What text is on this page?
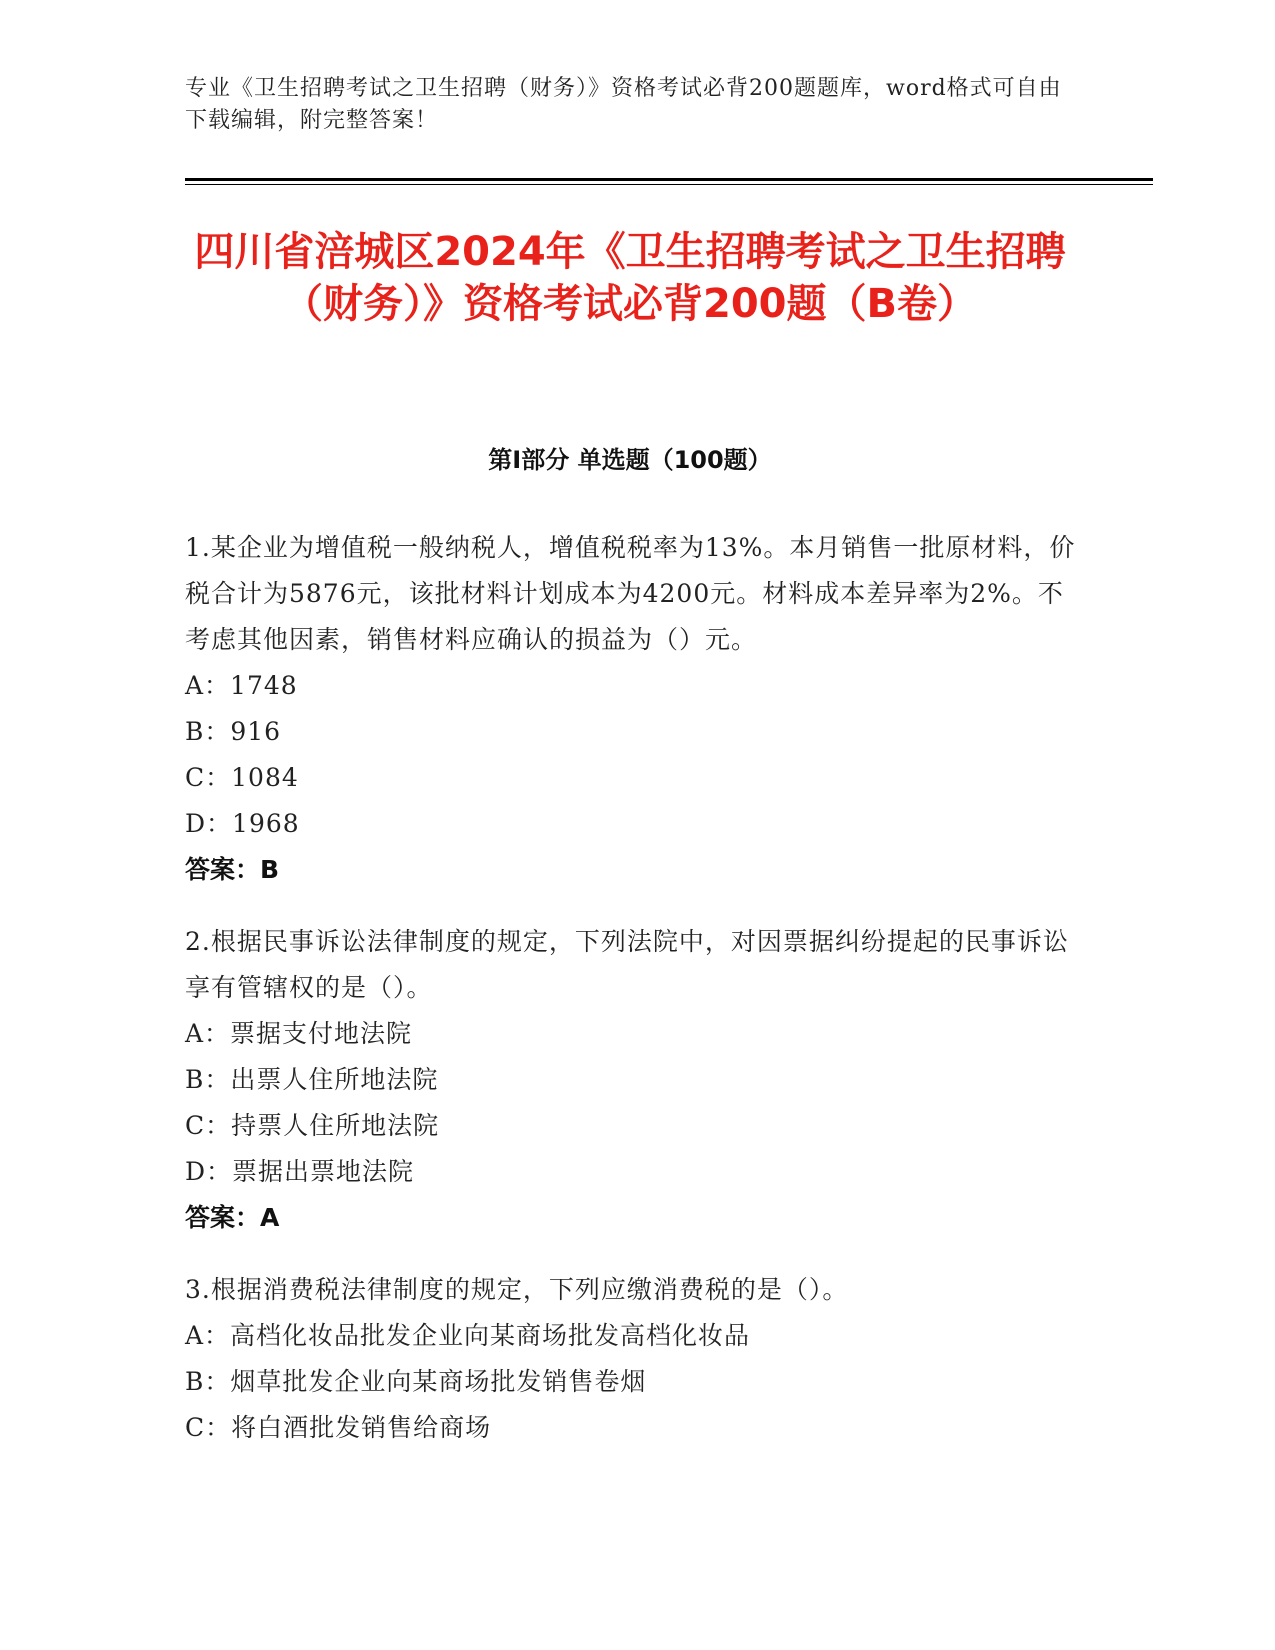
专业《卫生招聘考试之卫生招聘（财务）》资格考试必背200题题库，word格式可自由下载编辑，附完整答案！
四川省涪城区2024年《卫生招聘考试之卫生招聘（财务）》资格考试必背200题（B卷）
第I部分 单选题（100题）
1.某企业为增值税一般纳税人，增值税税率为13%。本月销售一批原材料，价税合计为5876元，该批材料计划成本为4200元。材料成本差异率为2%。不考虑其他因素，销售材料应确认的损益为（）元。
A：1748
B：916
C：1084
D：1968
答案：B
2.根据民事诉讼法律制度的规定，下列法院中，对因票据纠纷提起的民事诉讼享有管辖权的是（）。
A：票据支付地法院
B：出票人住所地法院
C：持票人住所地法院
D：票据出票地法院
答案：A
3.根据消费税法律制度的规定，下列应缴消费税的是（）。
A：高档化妆品批发企业向某商场批发高档化妆品
B：烟草批发企业向某商场批发销售卷烟
C：将白酒批发销售给商场
